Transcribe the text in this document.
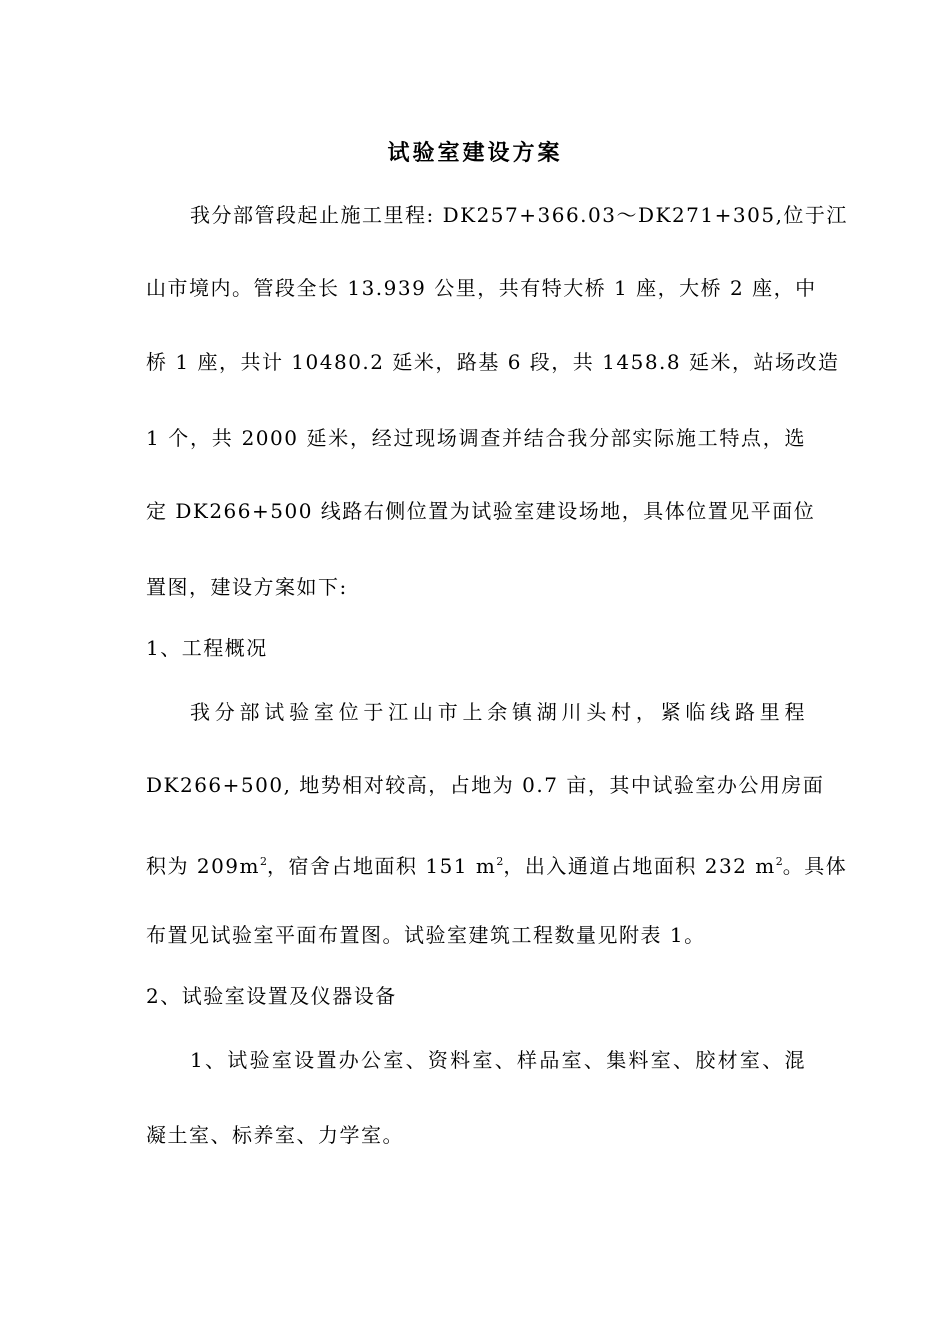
试验室建设方案
我分部管段起止施工里程: DK257+366.03～DK271+305,位于江
山市境内。管段全长 13.939 公里，共有特大桥 1 座，大桥 2 座，中
桥 1 座，共计 10480.2 延米，路基 6 段，共 1458.8 延米，站场改造
1 个，共 2000 延米，经过现场调查并结合我分部实际施工特点，选
定 DK266+500 线路右侧位置为试验室建设场地，具体位置见平面位
置图，建设方案如下:
1、工程概况
我分部试验室位于江山市上余镇湖川头村，紧临线路里程
DK266+500, 地势相对较高，占地为 0.7 亩，其中试验室办公用房面
积为 $209m^2$，宿舍占地面积 151 $m^2$，出入通道占地面积 232 $m^2$。具体
布置见试验室平面布置图。试验室建筑工程数量见附表 1。
2、试验室设置及仪器设备
1、试验室设置办公室、资料室、样品室、集料室、胶材室、混
凝土室、标养室、力学室。
